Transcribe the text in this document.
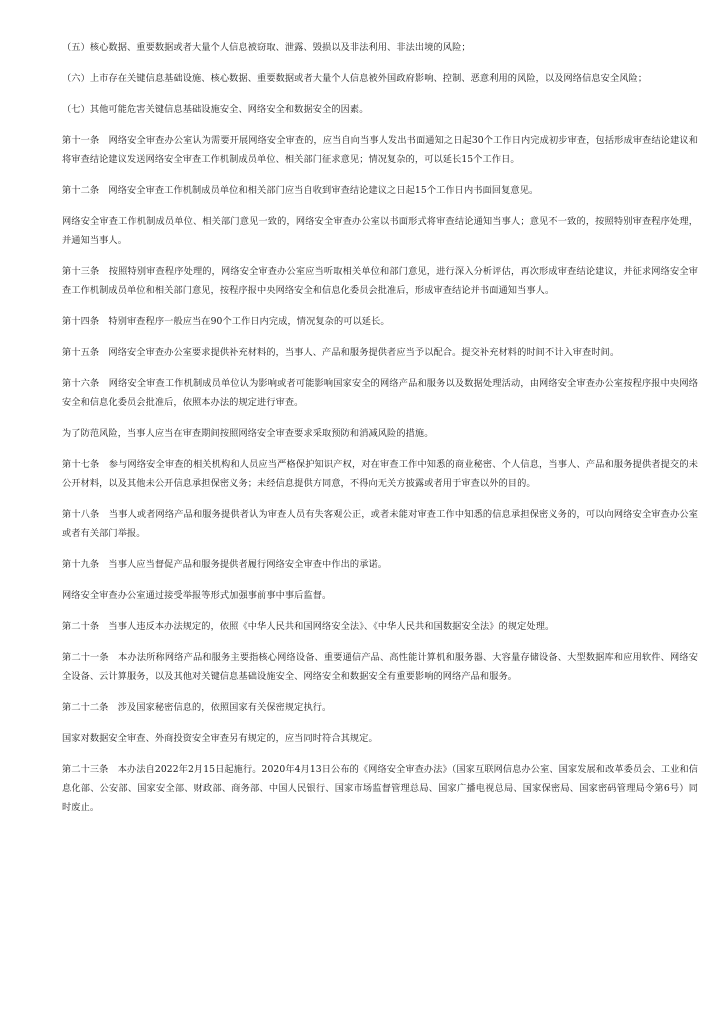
（五）核心数据、重要数据或者大量个人信息被窃取、泄露、毁损以及非法利用、非法出境的风险；

（六）上市存在关键信息基础设施、核心数据、重要数据或者大量个人信息被外国政府影响、控制、恶意利用的风险，以及网络信息安全风险；

（七）其他可能危害关键信息基础设施安全、网络安全和数据安全的因素。

第十一条　网络安全审查办公室认为需要开展网络安全审查的，应当自向当事人发出书面通知之日起30个工作日内完成初步审查，包括形成审查结论建议和将审查结论建议发送网络安全审查工作机制成员单位、相关部门征求意见；情况复杂的，可以延长15个工作日。

第十二条　网络安全审查工作机制成员单位和相关部门应当自收到审查结论建议之日起15个工作日内书面回复意见。

网络安全审查工作机制成员单位、相关部门意见一致的，网络安全审查办公室以书面形式将审查结论通知当事人；意见不一致的，按照特别审查程序处理，并通知当事人。

第十三条　按照特别审查程序处理的，网络安全审查办公室应当听取相关单位和部门意见，进行深入分析评估，再次形成审查结论建议，并征求网络安全审查工作机制成员单位和相关部门意见，按程序报中央网络安全和信息化委员会批准后，形成审查结论并书面通知当事人。

第十四条　特别审查程序一般应当在90个工作日内完成，情况复杂的可以延长。

第十五条　网络安全审查办公室要求提供补充材料的，当事人、产品和服务提供者应当予以配合。提交补充材料的时间不计入审查时间。

第十六条　网络安全审查工作机制成员单位认为影响或者可能影响国家安全的网络产品和服务以及数据处理活动，由网络安全审查办公室按程序报中央网络安全和信息化委员会批准后，依照本办法的规定进行审查。

为了防范风险，当事人应当在审查期间按照网络安全审查要求采取预防和消减风险的措施。

第十七条　参与网络安全审查的相关机构和人员应当严格保护知识产权，对在审查工作中知悉的商业秘密、个人信息，当事人、产品和服务提供者提交的未公开材料，以及其他未公开信息承担保密义务；未经信息提供方同意，不得向无关方披露或者用于审查以外的目的。

第十八条　当事人或者网络产品和服务提供者认为审查人员有失客观公正，或者未能对审查工作中知悉的信息承担保密义务的，可以向网络安全审查办公室或者有关部门举报。

第十九条　当事人应当督促产品和服务提供者履行网络安全审查中作出的承诺。

网络安全审查办公室通过接受举报等形式加强事前事中事后监督。

第二十条　当事人违反本办法规定的，依照《中华人民共和国网络安全法》、《中华人民共和国数据安全法》的规定处理。

第二十一条　本办法所称网络产品和服务主要指核心网络设备、重要通信产品、高性能计算机和服务器、大容量存储设备、大型数据库和应用软件、网络安全设备、云计算服务，以及其他对关键信息基础设施安全、网络安全和数据安全有重要影响的网络产品和服务。

第二十二条　涉及国家秘密信息的，依照国家有关保密规定执行。

国家对数据安全审查、外商投资安全审查另有规定的，应当同时符合其规定。

第二十三条　本办法自2022年2月15日起施行。2020年4月13日公布的《网络安全审查办法》（国家互联网信息办公室、国家发展和改革委员会、工业和信息化部、公安部、国家安全部、财政部、商务部、中国人民银行、国家市场监督管理总局、国家广播电视总局、国家保密局、国家密码管理局令第6号）同时废止。
